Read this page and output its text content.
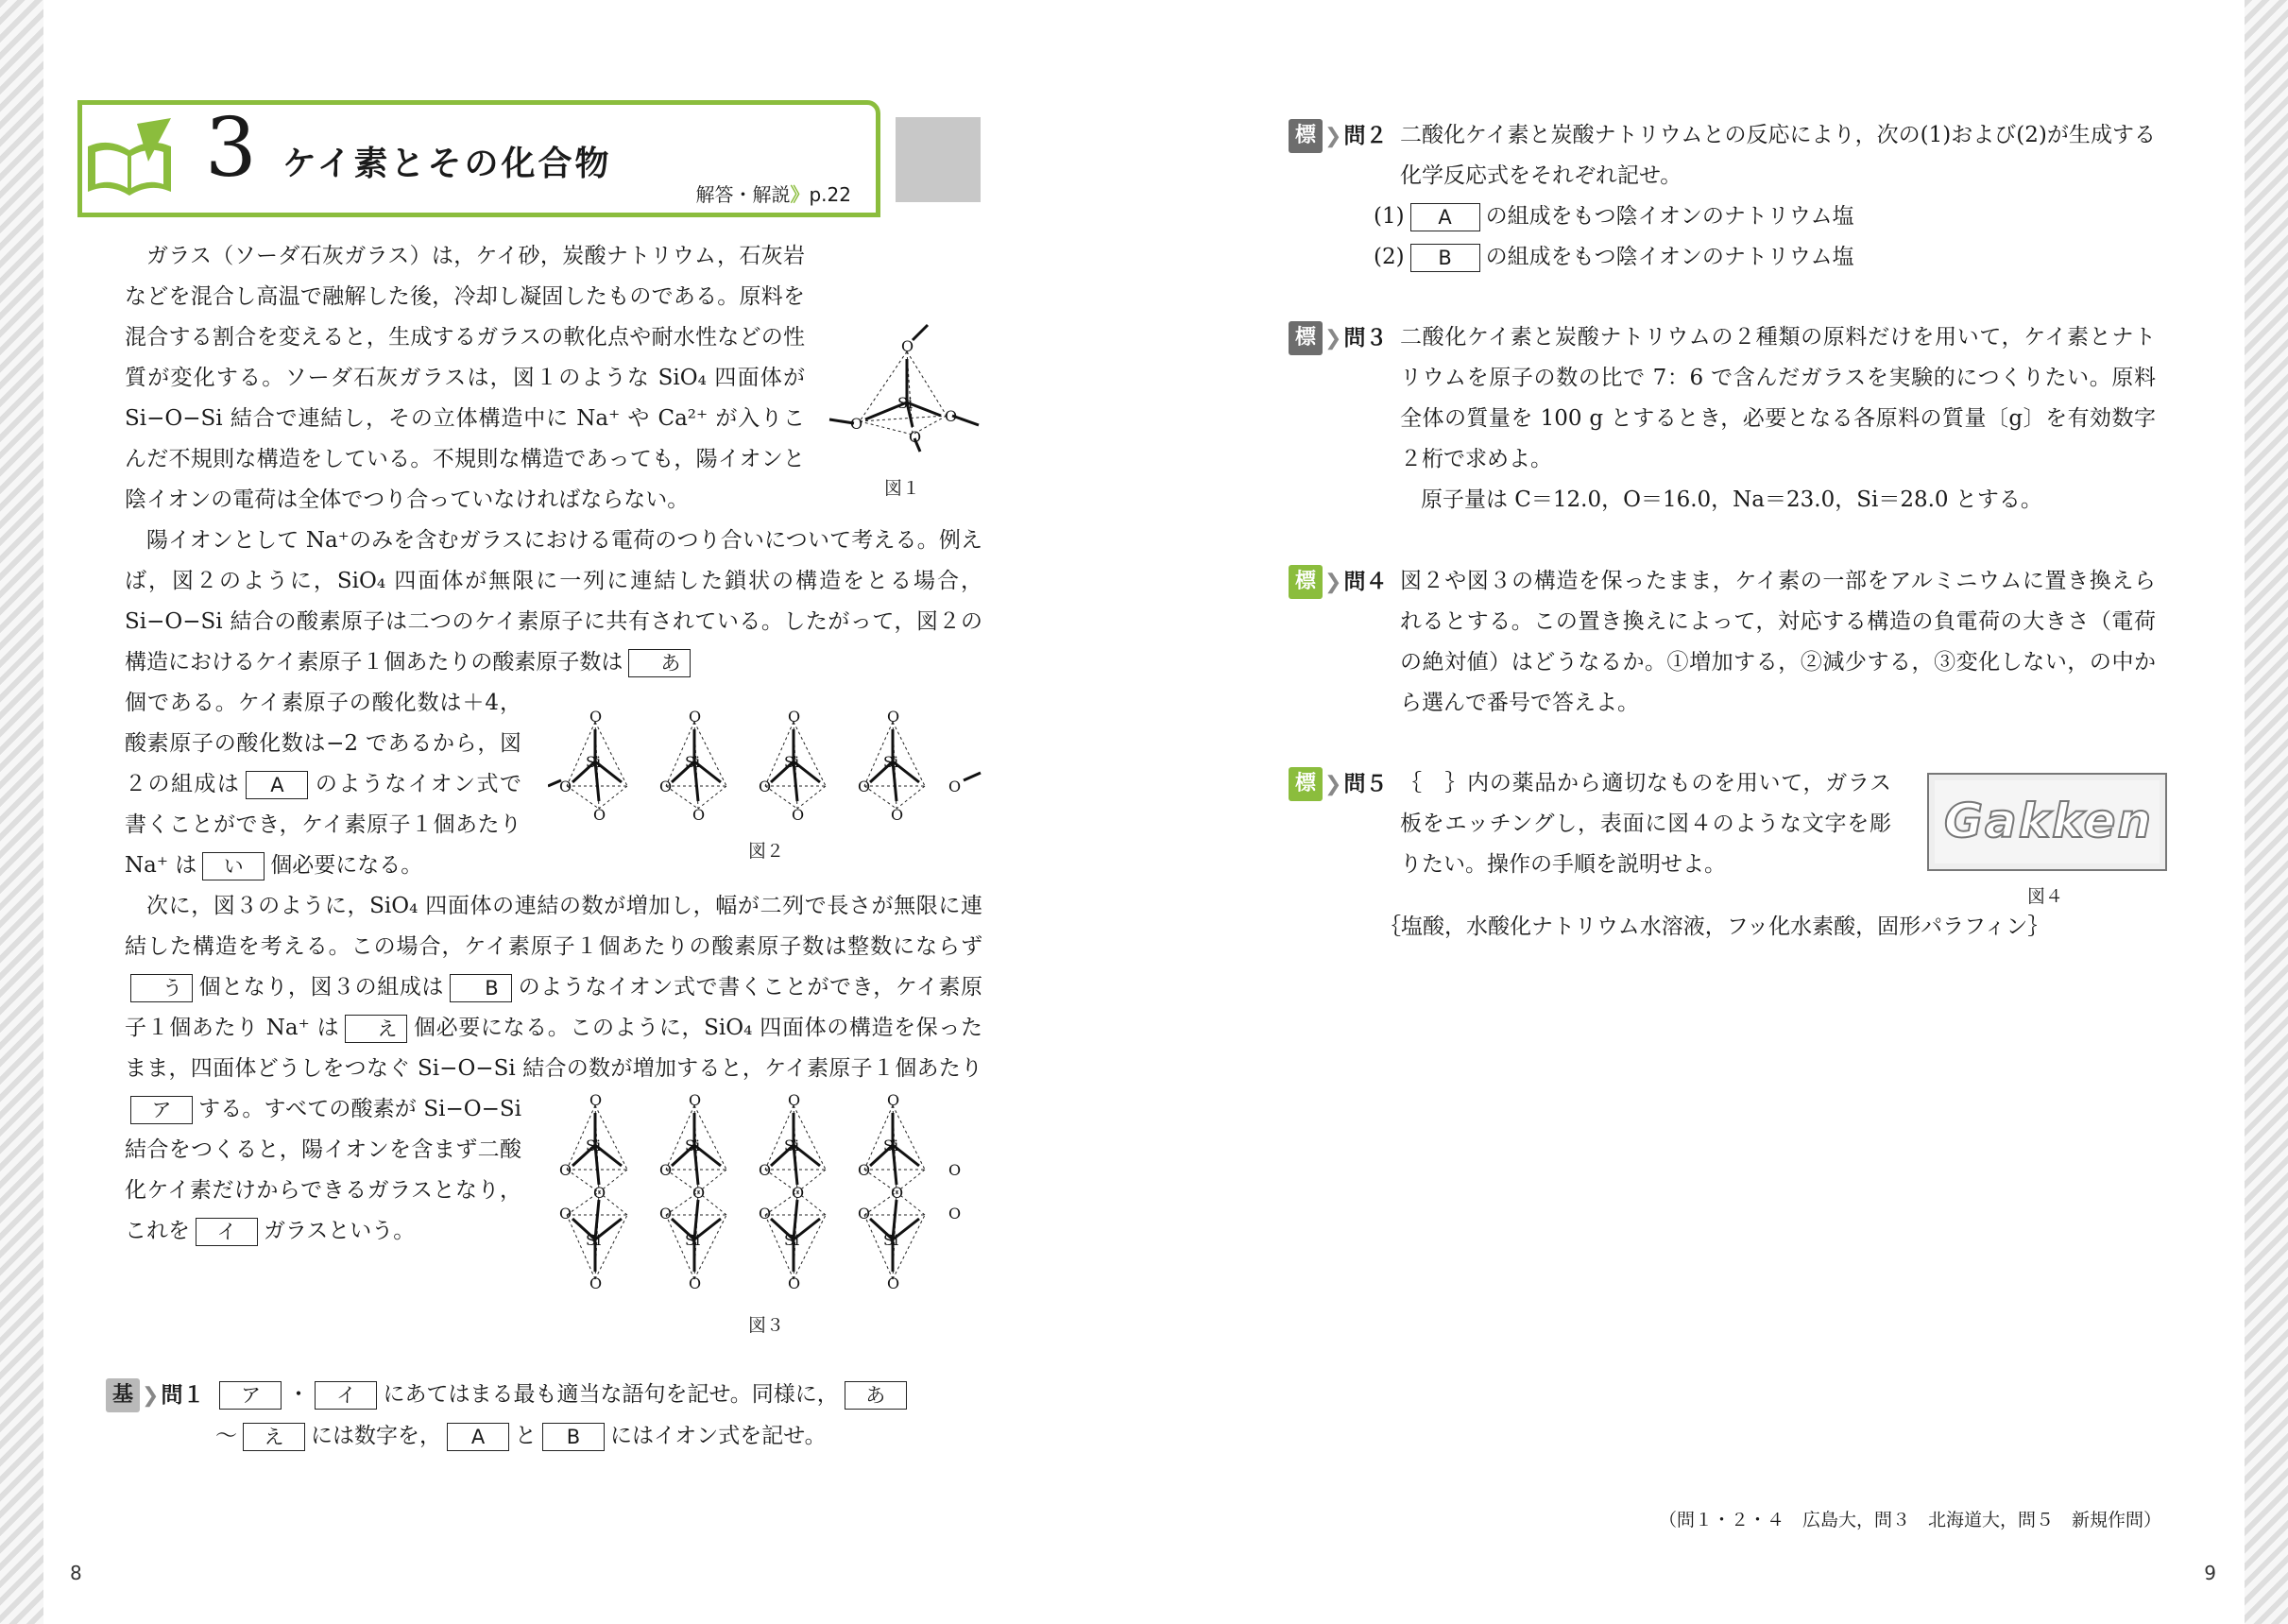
3 ケイ素とその化合物
解答・解説》p.22

ガラス（ソーダ石灰ガラス）は，ケイ砂，炭酸ナトリウム，石灰岩などを混合し高温で融解した後，冷却し凝固したものである。原料を混合する割合を変えると，生成するガラスの軟化点や耐水性などの性質が変化する。ソーダ石灰ガラスは，図１のような SiO₄ 四面体が Si−O−Si 結合で連結し，その立体構造中に Na⁺ や Ca²⁺ が入りこんだ不規則な構造をしている。不規則な構造であっても，陽イオンと陰イオンの電荷は全体でつり合っていなければならない。

O
Si
O	O
O
図１

陽イオンとして Na⁺のみを含むガラスにおける電荷のつり合いについて考える。例えば，図２のように，SiO₄ 四面体が無限に一列に連結した鎖状の構造をとる場合，Si−O−Si 結合の酸素原子は二つのケイ素原子に共有されている。したがって，図２の構造におけるケイ素原子１個あたりの酸素原子数は あ

個である。ケイ素原子の酸化数は＋4，酸素原子の酸化数は−2 であるから，図２の組成は A のようなイオン式で書くことができ，ケイ素原子１個あたり Na⁺ は い 個必要になる。

O	O	O	O
Si	Si	Si	Si
O	O	O	O	O
O	O	O	O
図２

次に，図３のように，SiO₄ 四面体の連結の数が増加し，幅が二列で長さが無限に連結した構造を考える。この場合，ケイ素原子１個あたりの酸素原子数は整数にならずう 個となり，図３の組成は B のようなイオン式で書くことができ，ケイ素原子１個あたり Na⁺ は え 個必要になる。このように，SiO₄ 四面体の構造を保ったまま，四面体どうしをつなぐ Si−O−Si 結合の数が増加すると，ケイ素原子１個あたり

ア する。すべての酸素が Si−O−Si 結合をつくると，陽イオンを含まず二酸化ケイ素だけからできるガラスとなり，これを イ ガラスという。

O	O	O	O
Si	Si	Si	Si
O	O	O	O	O
O	O	O	O
O	O	O	O	O
Si	Si	Si	Si
O	O	O	O
図３
基 ❯問１ ア ・ イ にあてはまる最も適当な語句を記せ。同様に， あ
〜 え には数字を， A と B にはイオン式を記せ。
8
標 ❯問２ 二酸化ケイ素と炭酸ナトリウムとの反応により，次の(1)および(2)が生成する化学反応式をそれぞれ記せ。
(1) A の組成をもつ陰イオンのナトリウム塩
(2) B の組成をもつ陰イオンのナトリウム塩
標 ❯問３ 二酸化ケイ素と炭酸ナトリウムの２種類の原料だけを用いて，ケイ素とナトリウムを原子の数の比で 7：6 で含んだガラスを実験的につくりたい。原料全体の質量を 100 g とするとき，必要となる各原料の質量〔g〕を有効数字２桁で求めよ。
原子量は C＝12.0，O＝16.0，Na＝23.0，Si＝28.0 とする。
標 ❯問４ 図２や図３の構造を保ったまま，ケイ素の一部をアルミニウムに置き換えられるとする。この置き換えによって，対応する構造の負電荷の大きさ（電荷の絶対値）はどうなるか。①増加する，②減少する，③変化しない，の中から選んで番号で答えよ。
標 ❯問５ ｛　｝内の薬品から適切なものを用いて，ガラス板をエッチングし，表面に図４のような文字を彫りたい。操作の手順を説明せよ。
Gakken
図４
｛塩酸，水酸化ナトリウム水溶液，フッ化水素酸，固形パラフィン｝
（問１・２・４　広島大，問３　北海道大，問５　新規作問）
9
